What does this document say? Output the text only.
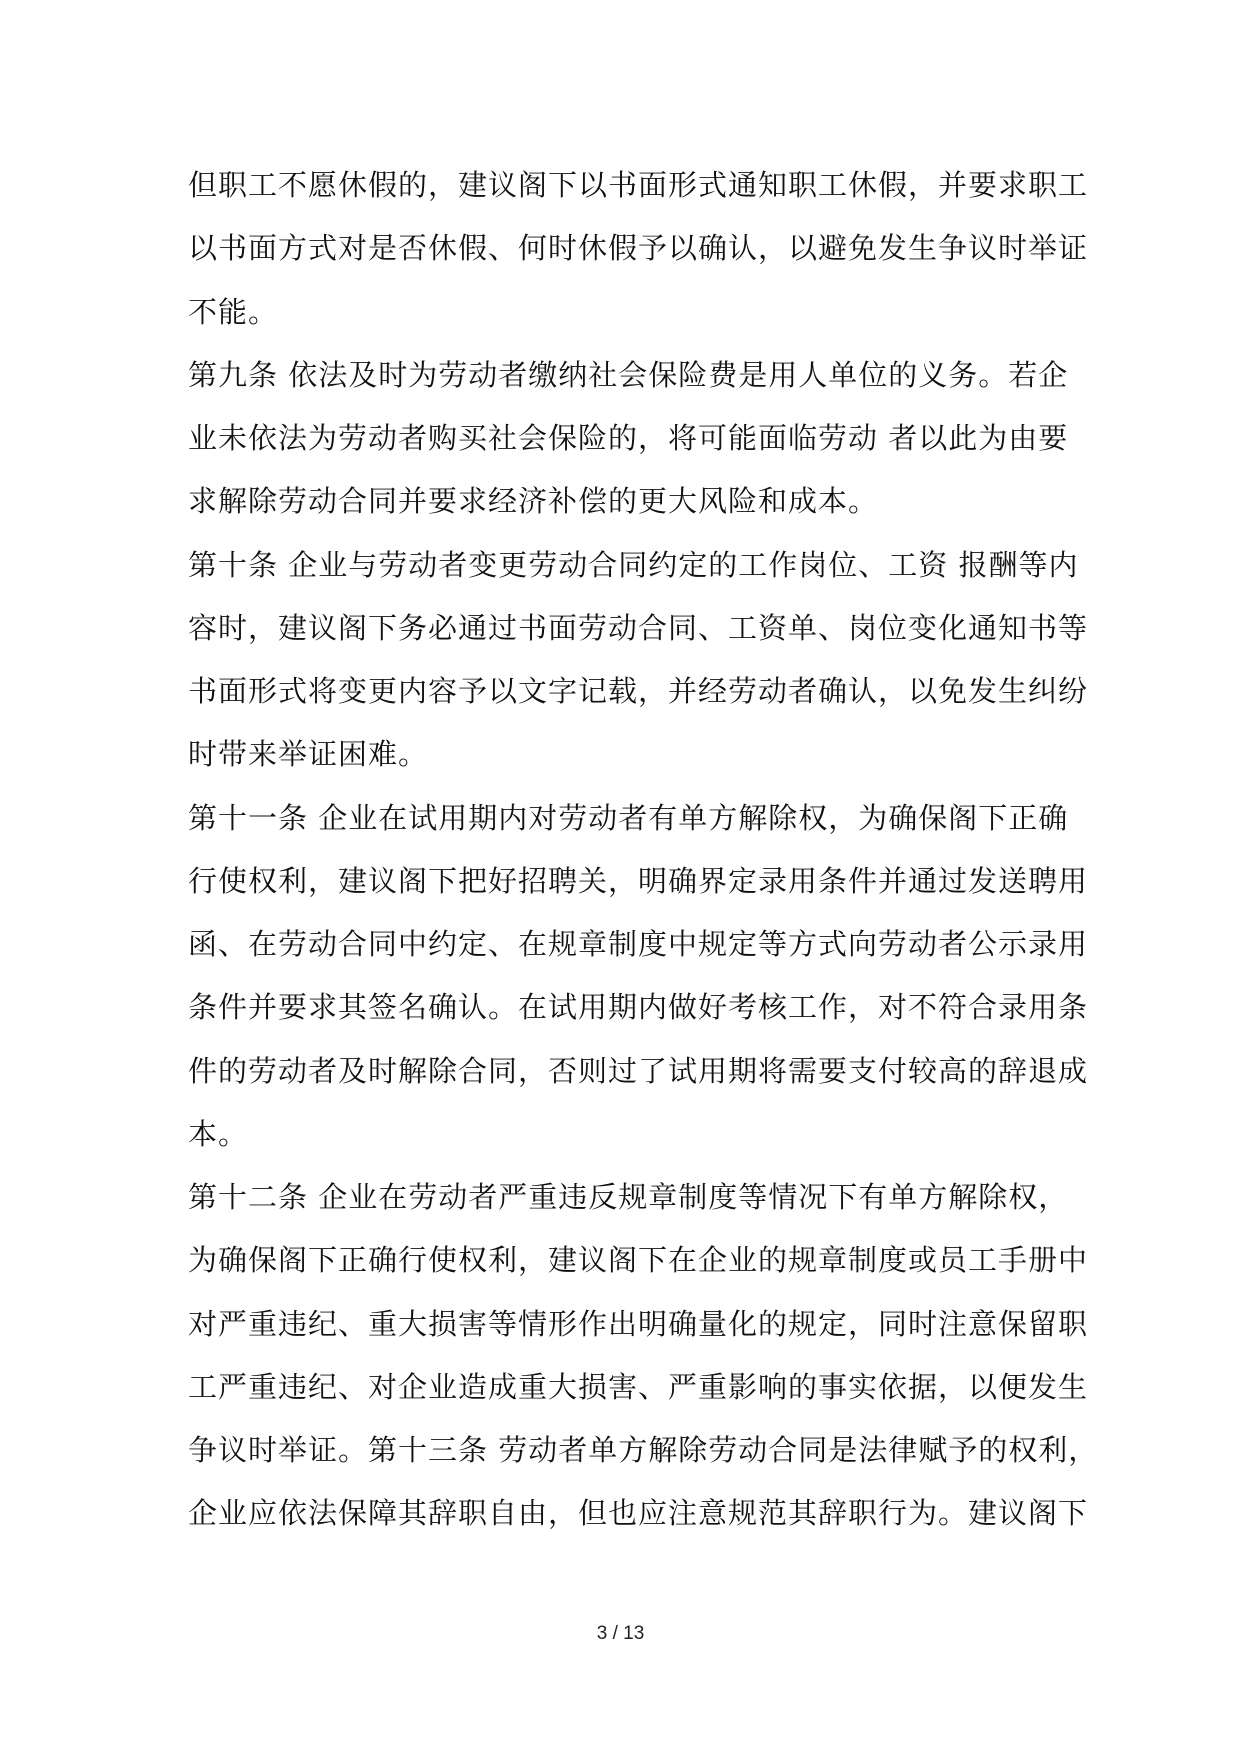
但职工不愿休假的，建议阁下以书面形式通知职工休假，并要求职工
以书面方式对是否休假、何时休假予以确认，以避免发生争议时举证
不能。
第九条 依法及时为劳动者缴纳社会保险费是用人单位的义务。若企
业未依法为劳动者购买社会保险的，将可能面临劳动 者以此为由要
求解除劳动合同并要求经济补偿的更大风险和成本。
第十条 企业与劳动者变更劳动合同约定的工作岗位、工资 报酬等内
容时，建议阁下务必通过书面劳动合同、工资单、岗位变化通知书等
书面形式将变更内容予以文字记载，并经劳动者确认，以免发生纠纷
时带来举证困难。
第十一条 企业在试用期内对劳动者有单方解除权，为确保阁下正确
行使权利，建议阁下把好招聘关，明确界定录用条件并通过发送聘用
函、在劳动合同中约定、在规章制度中规定等方式向劳动者公示录用
条件并要求其签名确认。在试用期内做好考核工作，对不符合录用条
件的劳动者及时解除合同，否则过了试用期将需要支付较高的辞退成
本。
第十二条 企业在劳动者严重违反规章制度等情况下有单方解除权，
为确保阁下正确行使权利，建议阁下在企业的规章制度或员工手册中
对严重违纪、重大损害等情形作出明确量化的规定，同时注意保留职
工严重违纪、对企业造成重大损害、严重影响的事实依据，以便发生
争议时举证。第十三条 劳动者单方解除劳动合同是法律赋予的权利，
企业应依法保障其辞职自由，但也应注意规范其辞职行为。建议阁下
3 / 13
